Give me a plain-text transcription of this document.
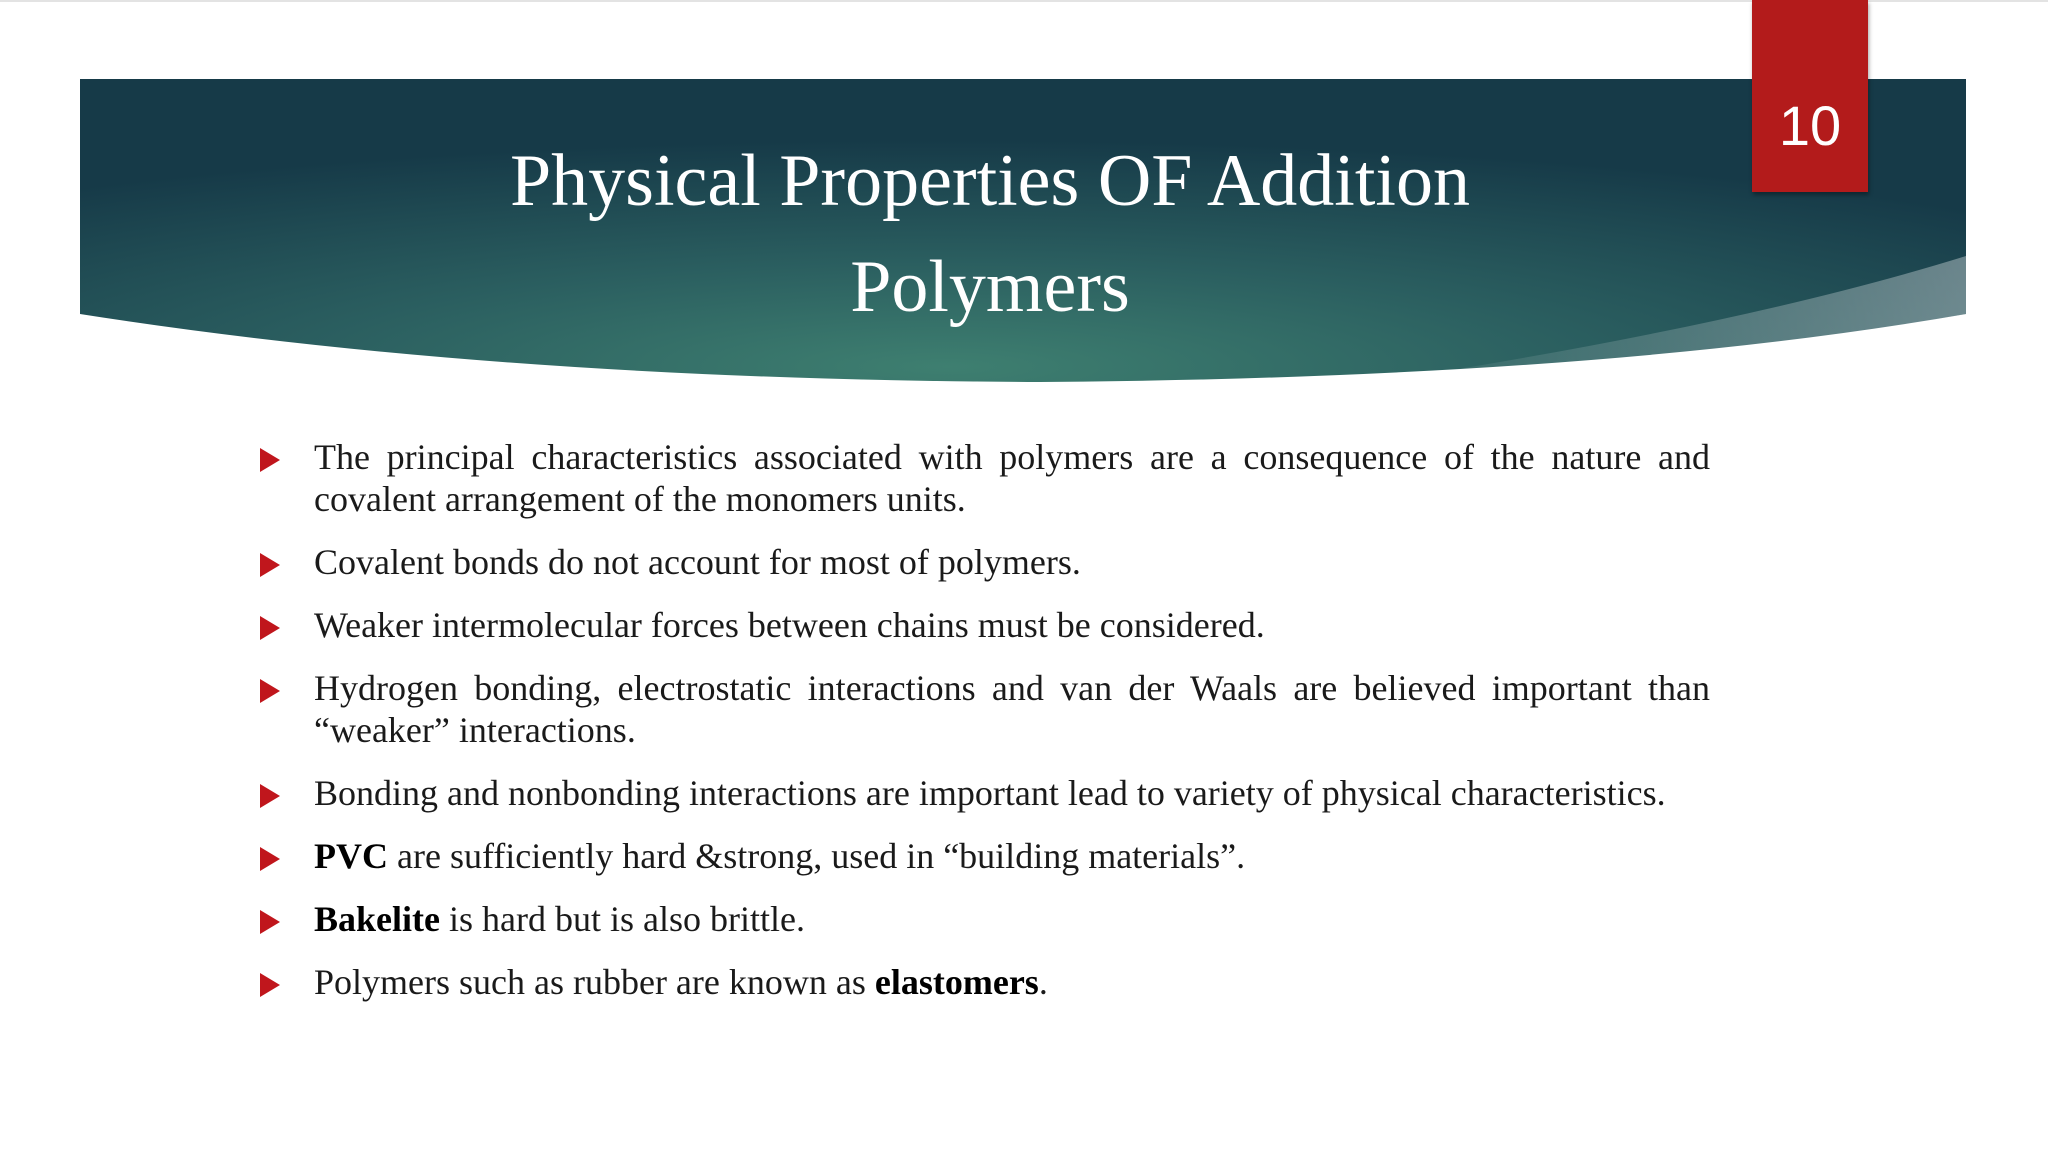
Physical Properties OF Addition
Polymers
10
The principal characteristics associated with polymers are a consequence of the nature and covalent arrangement of the monomers units.
Covalent bonds do not account for most of polymers.
Weaker intermolecular forces between chains must be considered.
Hydrogen bonding, electrostatic interactions and van der Waals are believed important than “weaker” interactions.
Bonding and nonbonding interactions are important lead to variety of physical characteristics.
PVC are sufficiently hard &strong, used in “building materials”.
Bakelite is hard but is also brittle.
Polymers such as rubber are known as elastomers.
